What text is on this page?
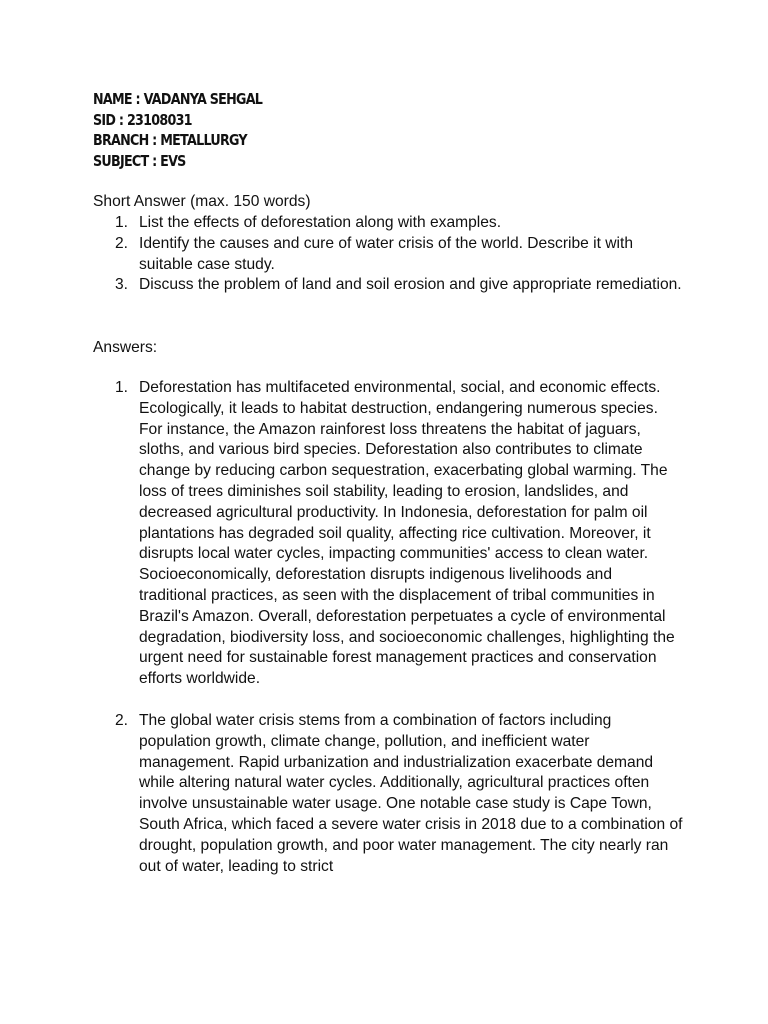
NAME : VADANYA SEHGAL
SID : 23108031
BRANCH : METALLURGY
SUBJECT : EVS
Short Answer (max. 150 words)
1. List the effects of deforestation along with examples.
2. Identify the causes and cure of water crisis of the world. Describe it with suitable case study.
3. Discuss the problem of land and soil erosion and give appropriate remediation.
Answers:
1. Deforestation has multifaceted environmental, social, and economic effects. Ecologically, it leads to habitat destruction, endangering numerous species. For instance, the Amazon rainforest loss threatens the habitat of jaguars, sloths, and various bird species. Deforestation also contributes to climate change by reducing carbon sequestration, exacerbating global warming. The loss of trees diminishes soil stability, leading to erosion, landslides, and decreased agricultural productivity. In Indonesia, deforestation for palm oil plantations has degraded soil quality, affecting rice cultivation. Moreover, it disrupts local water cycles, impacting communities' access to clean water. Socioeconomically, deforestation disrupts indigenous livelihoods and traditional practices, as seen with the displacement of tribal communities in Brazil's Amazon. Overall, deforestation perpetuates a cycle of environmental degradation, biodiversity loss, and socioeconomic challenges, highlighting the urgent need for sustainable forest management practices and conservation efforts worldwide.

2. The global water crisis stems from a combination of factors including population growth, climate change, pollution, and inefficient water management. Rapid urbanization and industrialization exacerbate demand while altering natural water cycles. Additionally, agricultural practices often involve unsustainable water usage. One notable case study is Cape Town, South Africa, which faced a severe water crisis in 2018 due to a combination of drought, population growth, and poor water management. The city nearly ran out of water, leading to strict
